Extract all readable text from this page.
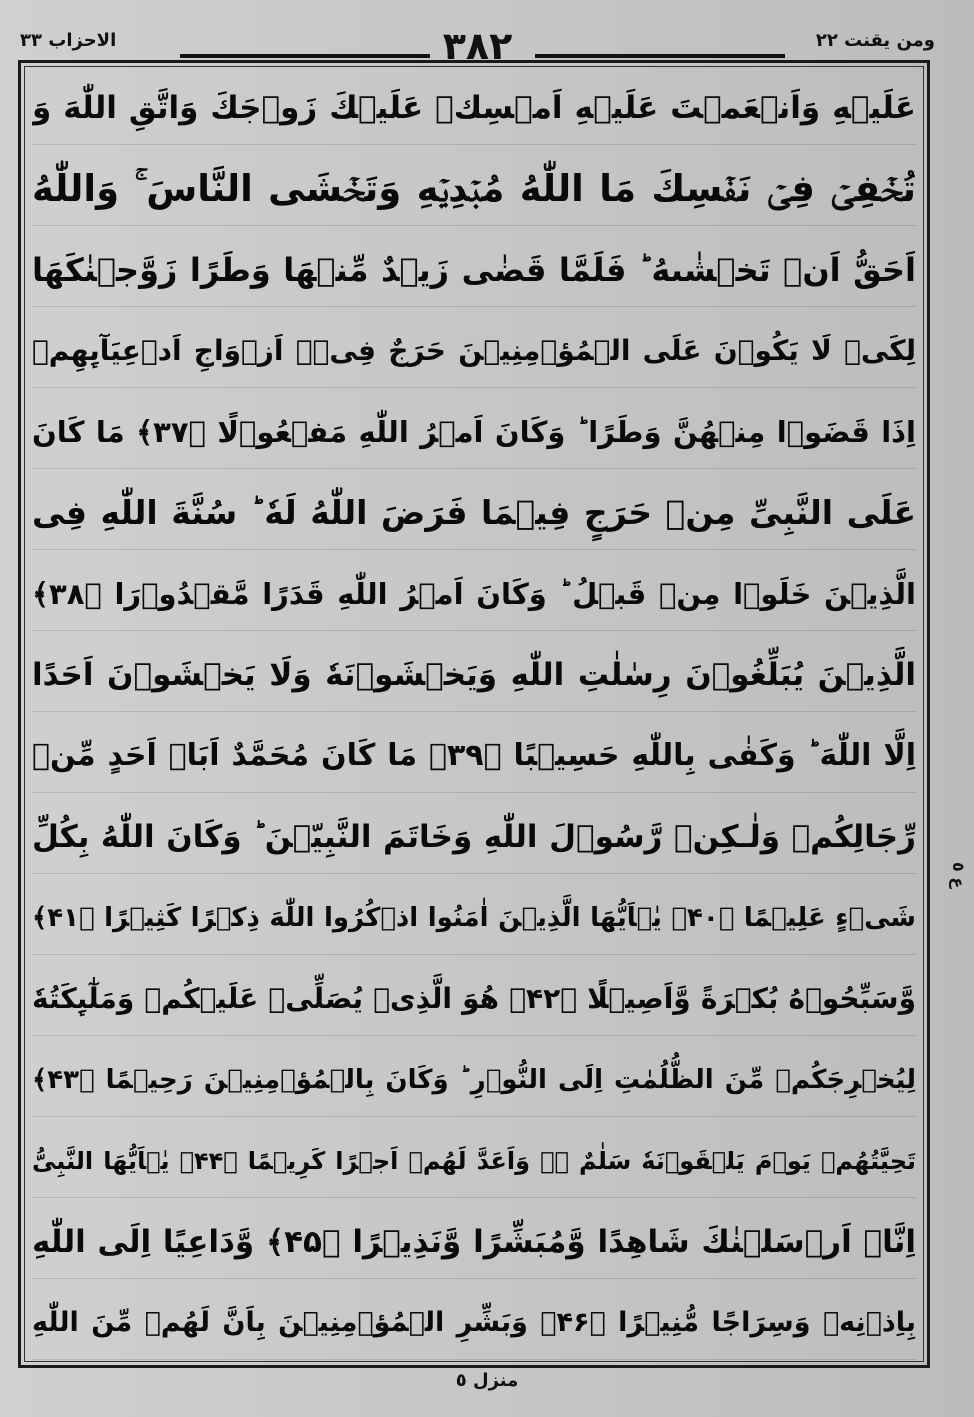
ومن يقنت ٢٢
٣٨٢
الاحزاب ٣٣
عَلَيۡهِ وَاَنۡعَمۡتَ عَلَيۡهِ اَمۡسِكۡ عَلَيۡكَ زَوۡجَكَ وَاتَّقِ اللّٰهَ وَ
تُخۡفِىۡ فِىۡ نَفۡسِكَ مَا اللّٰهُ مُبۡدِيۡهِ وَتَخۡشَى النَّاسَ ۚ وَاللّٰهُ
اَحَقُّ اَنۡ تَخۡشٰٮهُ ؕ فَلَمَّا قَضٰى زَيۡدٌ مِّنۡهَا وَطَرًا زَوَّجۡنٰكَهَا
لِكَىۡ لَا يَكُوۡنَ عَلَى الۡمُؤۡمِنِيۡنَ حَرَجٌ فِىۡۤ اَزۡوَاجِ اَدۡعِيَآٮِٕهِمۡ
اِذَا قَضَوۡا مِنۡهُنَّ وَطَرًا ؕ وَكَانَ اَمۡرُ اللّٰهِ مَفۡعُوۡلًا ﴿۳۷﴾ مَا كَانَ
عَلَى النَّبِىِّ مِنۡ حَرَجٍ فِيۡمَا فَرَضَ اللّٰهُ لَهٗ ؕ سُنَّةَ اللّٰهِ فِى
الَّذِيۡنَ خَلَوۡا مِنۡ قَبۡلُ ؕ وَكَانَ اَمۡرُ اللّٰهِ قَدَرًا مَّقۡدُوۡرَا ﴿۳۸﴾
الَّذِيۡنَ يُبَلِّغُوۡنَ رِسٰلٰتِ اللّٰهِ وَيَخۡشَوۡنَهٗ وَلَا يَخۡشَوۡنَ اَحَدًا
اِلَّا اللّٰهَ ؕ وَكَفٰى بِاللّٰهِ حَسِيۡبًا ﴿۳۹﴾ مَا كَانَ مُحَمَّدٌ اَبَاۤ اَحَدٍ مِّنۡ
رِّجَالِكُمۡ وَلٰـكِنۡ رَّسُوۡلَ اللّٰهِ وَخَاتَمَ النَّبِيّٖنَ ؕ وَكَانَ اللّٰهُ بِكُلِّ
شَىۡءٍ عَلِيۡمًا ﴿۴۰﴾ يٰۤاَيُّهَا الَّذِيۡنَ اٰمَنُوا اذۡكُرُوا اللّٰهَ ذِكۡرًا كَثِيۡرًا ﴿۴۱﴾
وَّسَبِّحُوۡهُ بُكۡرَةً وَّاَصِيۡلًا ﴿۴۲﴾ هُوَ الَّذِىۡ يُصَلِّىۡ عَلَيۡكُمۡ وَمَلٰٓٮِٕكَتُهٗ
لِيُخۡرِجَكُمۡ مِّنَ الظُّلُمٰتِ اِلَى النُّوۡرِ ؕ وَكَانَ بِالۡمُؤۡمِنِيۡنَ رَحِيۡمًا ﴿۴۳﴾
تَحِيَّتُهُمۡ يَوۡمَ يَلۡقَوۡنَهٗ سَلٰمٌ ۖۚ وَاَعَدَّ لَهُمۡ اَجۡرًا كَرِيۡمًا ﴿۴۴﴾ يٰۤاَيُّهَا النَّبِىُّ
اِنَّاۤ اَرۡسَلۡنٰكَ شَاهِدًا وَّمُبَشِّرًا وَّنَذِيۡرًا ﴿۴۵﴾ وَّدَاعِيًا اِلَى اللّٰهِ
بِاِذۡنِهٖ وَسِرَاجًا مُّنِيۡرًا ﴿۴۶﴾ وَبَشِّرِ الۡمُؤۡمِنِيۡنَ بِاَنَّ لَهُمۡ مِّنَ اللّٰهِ
ع ٥
منزل ٥
